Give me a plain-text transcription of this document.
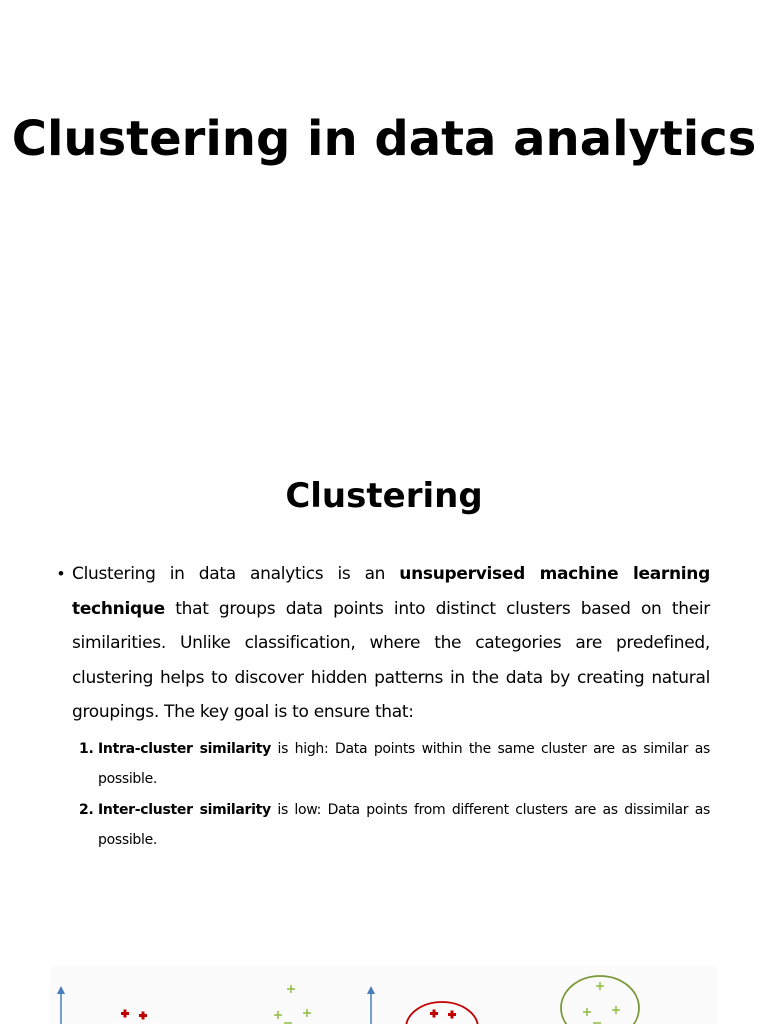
Clustering in data analytics
Clustering
• Clustering in data analytics is an unsupervised machine learning technique that groups data points into distinct clusters based on their similarities. Unlike classification, where the categories are predefined, clustering helps to discover hidden patterns in the data by creating natural groupings. The key goal is to ensure that:
1. Intra-cluster similarity is high: Data points within the same cluster are as similar as possible.
2. Inter-cluster similarity is low: Data points from different clusters are as dissimilar as possible.
